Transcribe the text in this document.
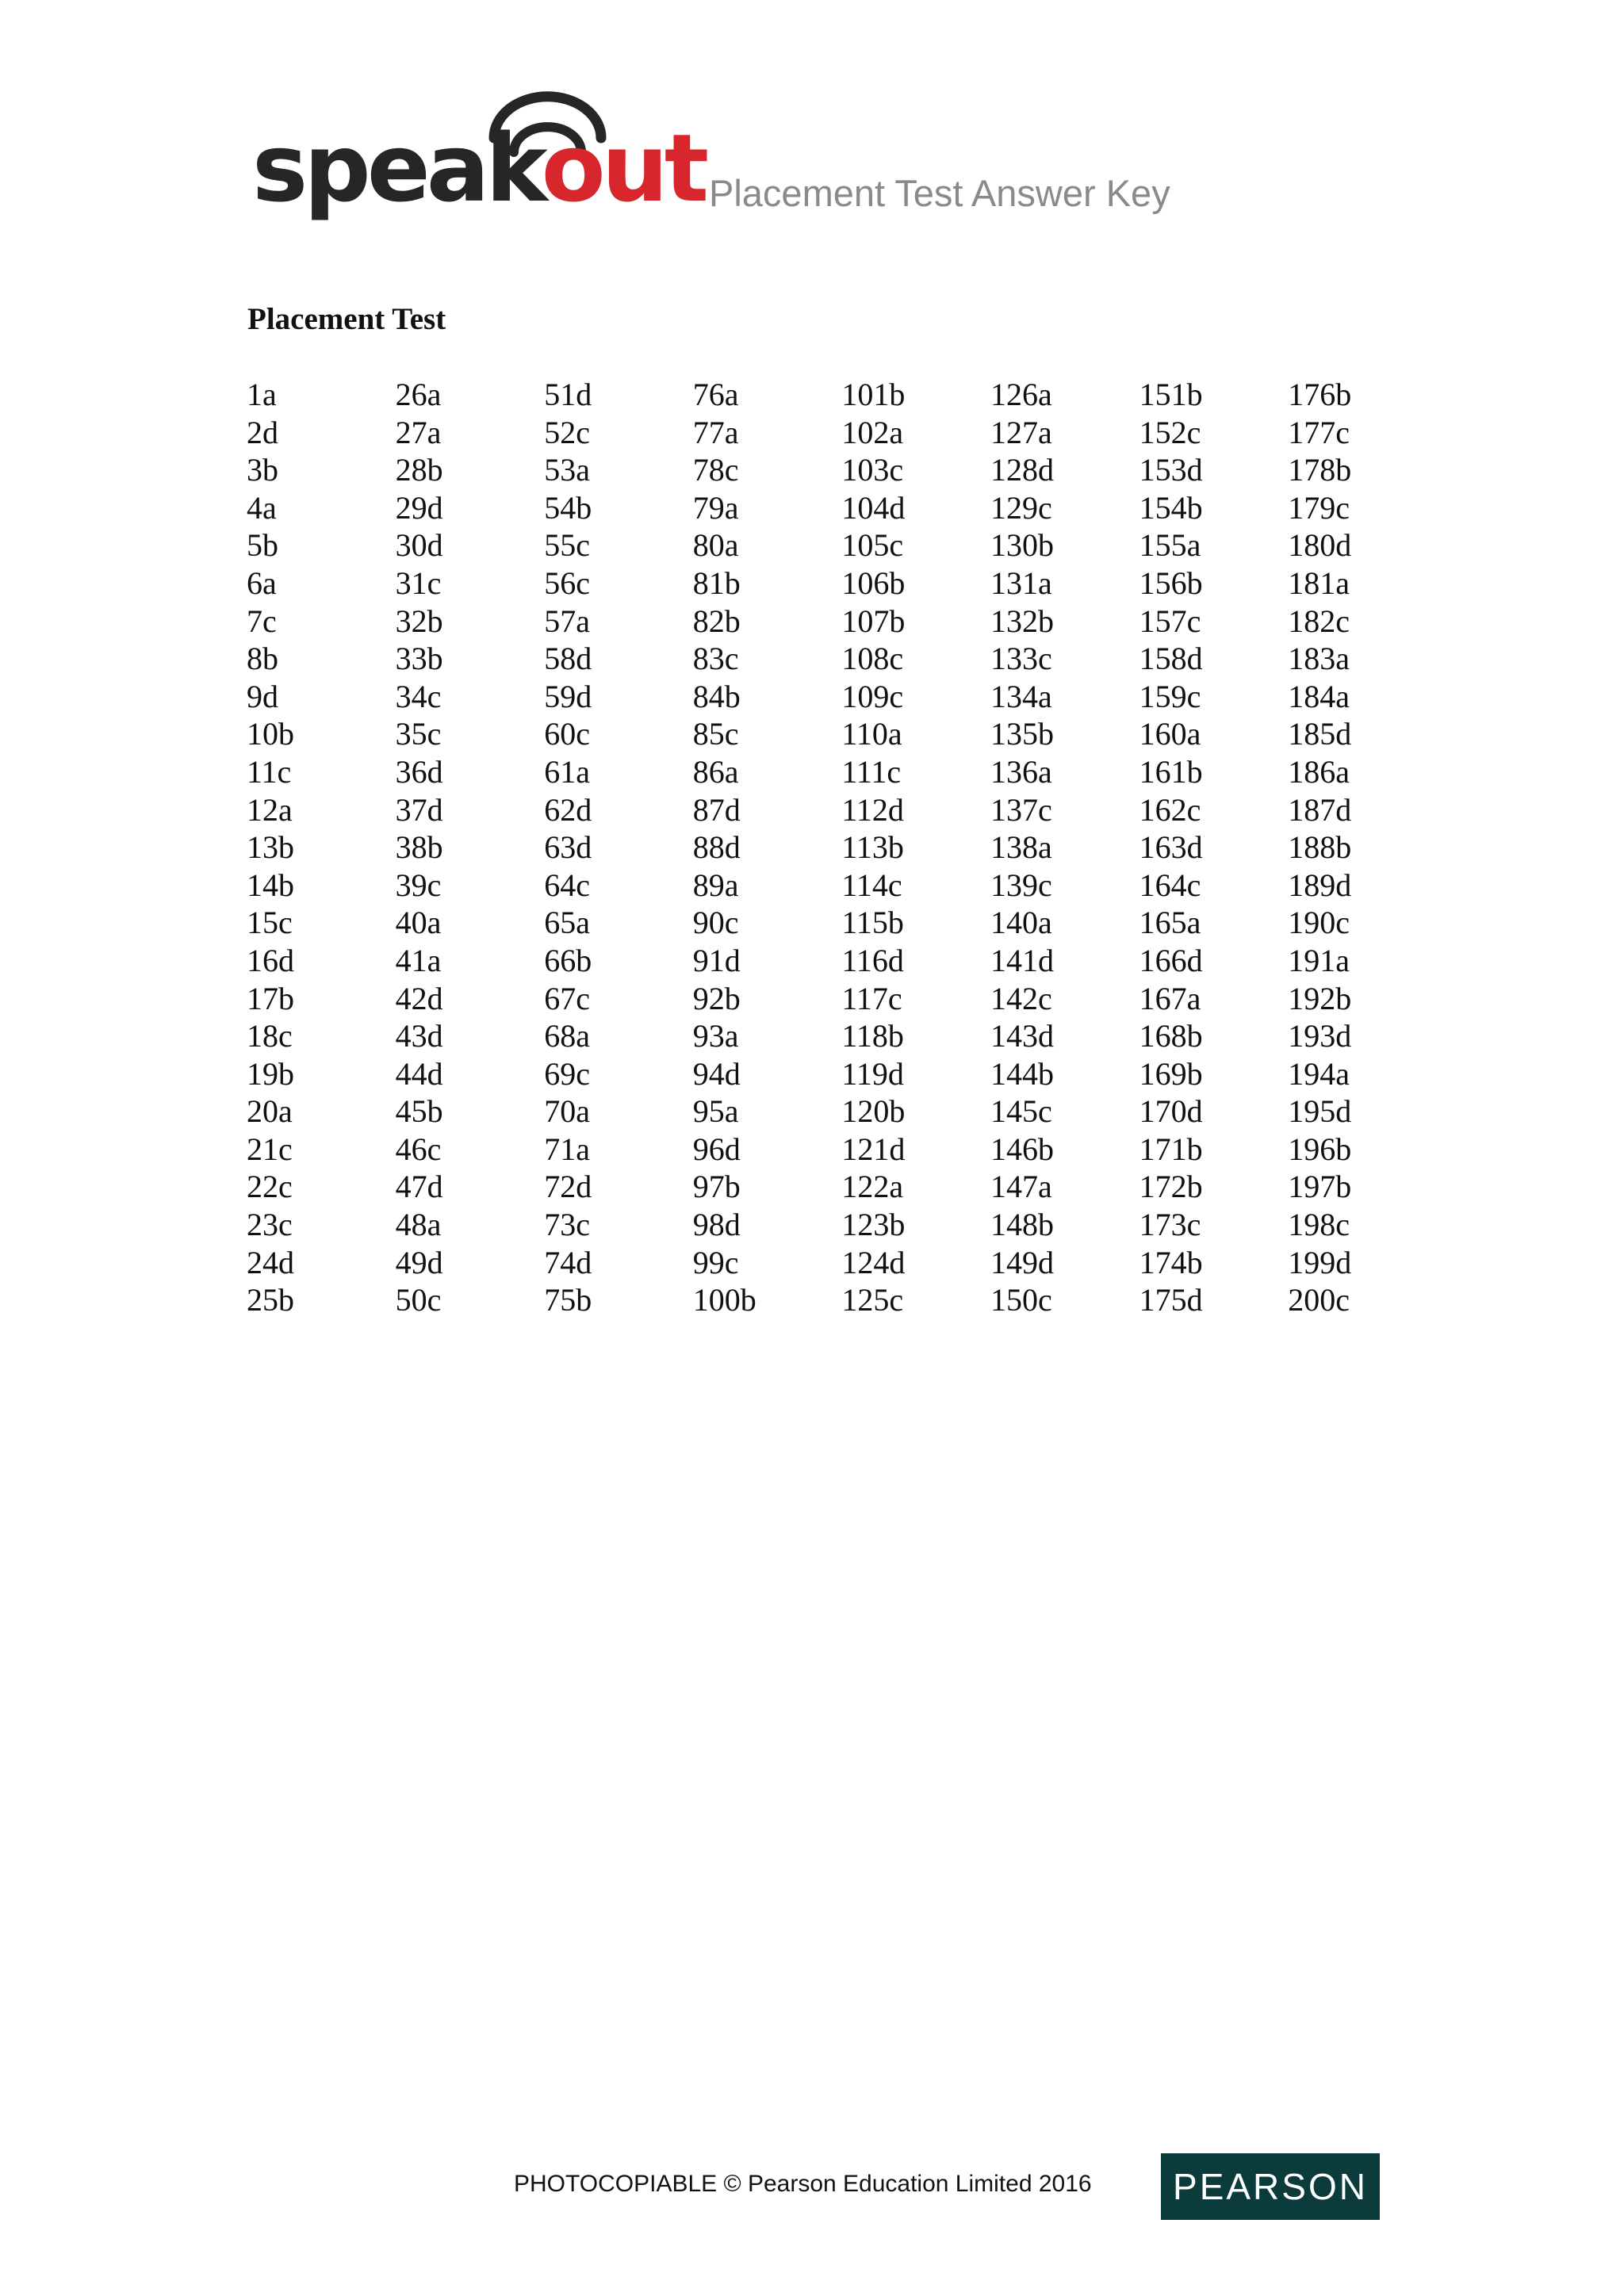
speakout Placement Test Answer Key
Placement Test
1a
2d
3b
4a
5b
6a
7c
8b
9d
10b
11c
12a
13b
14b
15c
16d
17b
18c
19b
20a
21c
22c
23c
24d
25b
26a
27a
28b
29d
30d
31c
32b
33b
34c
35c
36d
37d
38b
39c
40a
41a
42d
43d
44d
45b
46c
47d
48a
49d
50c
51d
52c
53a
54b
55c
56c
57a
58d
59d
60c
61a
62d
63d
64c
65a
66b
67c
68a
69c
70a
71a
72d
73c
74d
75b
76a
77a
78c
79a
80a
81b
82b
83c
84b
85c
86a
87d
88d
89a
90c
91d
92b
93a
94d
95a
96d
97b
98d
99c
100b
101b
102a
103c
104d
105c
106b
107b
108c
109c
110a
111c
112d
113b
114c
115b
116d
117c
118b
119d
120b
121d
122a
123b
124d
125c
126a
127a
128d
129c
130b
131a
132b
133c
134a
135b
136a
137c
138a
139c
140a
141d
142c
143d
144b
145c
146b
147a
148b
149d
150c
151b
152c
153d
154b
155a
156b
157c
158d
159c
160a
161b
162c
163d
164c
165a
166d
167a
168b
169b
170d
171b
172b
173c
174b
175d
176b
177c
178b
179c
180d
181a
182c
183a
184a
185d
186a
187d
188b
189d
190c
191a
192b
193d
194a
195d
196b
197b
198c
199d
200c
PHOTOCOPIABLE © Pearson Education Limited 2016 PEARSON
